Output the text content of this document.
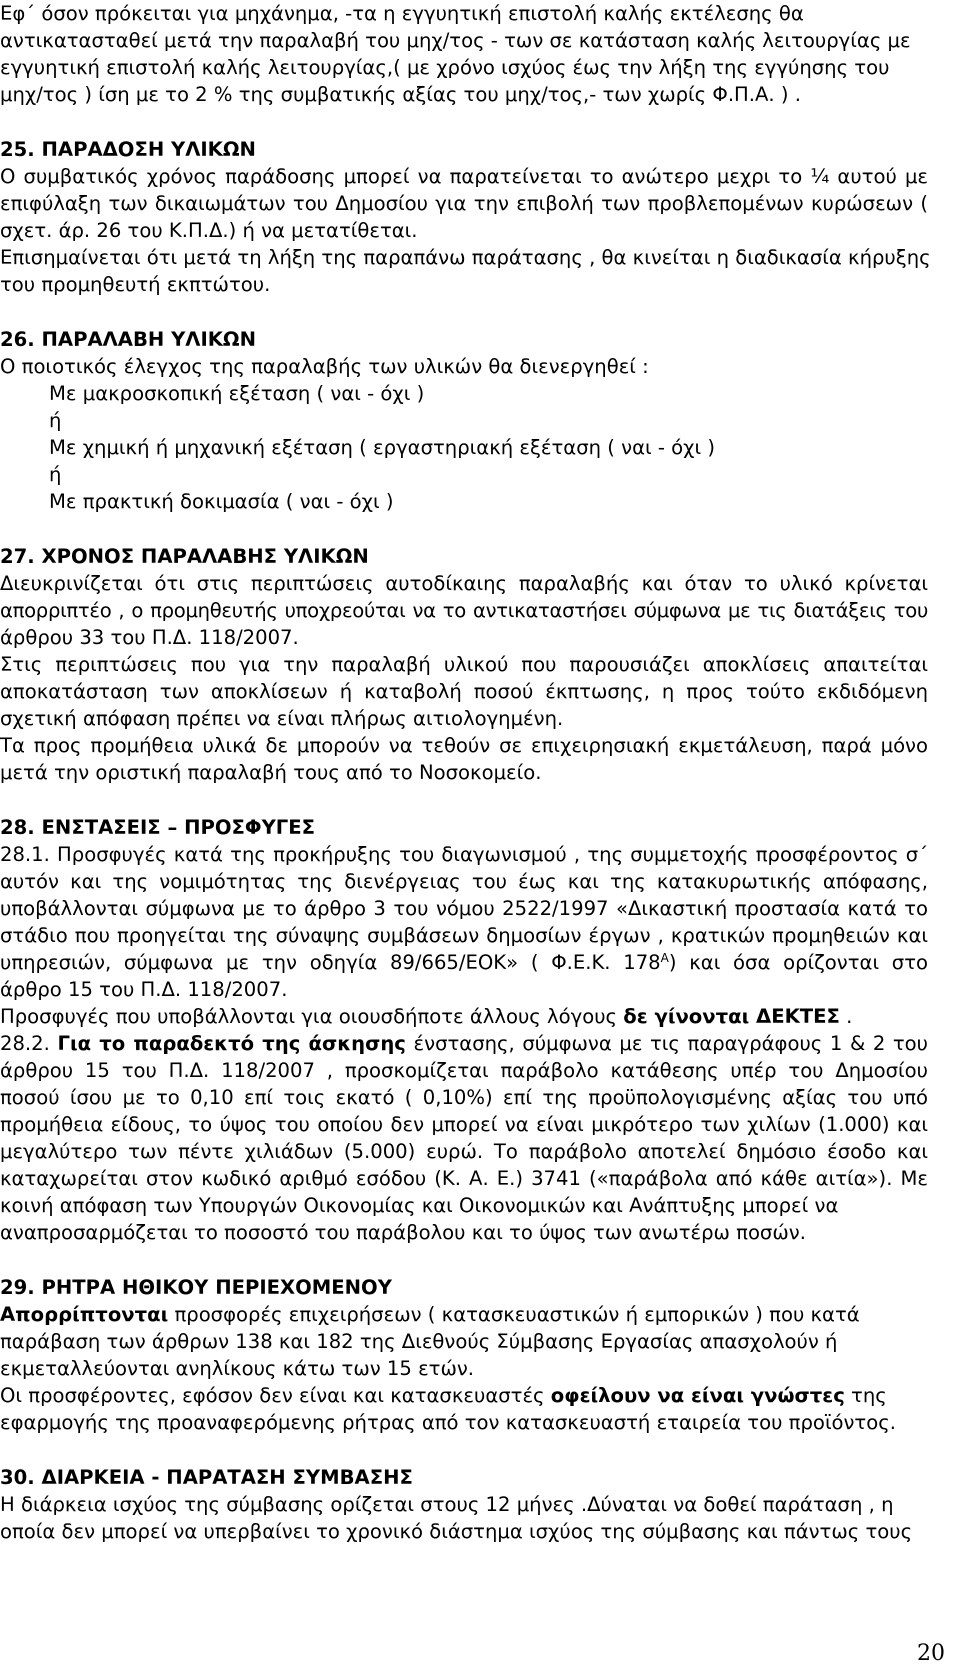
Εφ΄ όσον πρόκειται για μηχάνημα, -τα η εγγυητική επιστολή καλής εκτέλεσης θα
αντικατασταθεί μετά την παραλαβή του μηχ/τος - των σε κατάσταση καλής λειτουργίας με
εγγυητική επιστολή καλής λειτουργίας,( με χρόνο ισχύος έως την λήξη της εγγύησης του
μηχ/τος ) ίση με το 2 % της συμβατικής αξίας του μηχ/τος,- των χωρίς Φ.Π.Α. ) .
25. ΠΑΡΑΔΟΣΗ ΥΛΙΚΩΝ
Ο συμβατικός χρόνος παράδοσης μπορεί να παρατείνεται το ανώτερο μεχρι το ¼ αυτού με
επιφύλαξη των δικαιωμάτων του Δημοσίου για την επιβολή των προβλεπομένων κυρώσεων (
σχετ. άρ. 26 του Κ.Π.Δ.) ή να μετατίθεται.
Επισημαίνεται ότι μετά τη λήξη της παραπάνω παράτασης , θα κινείται η διαδικασία κήρυξης
του προμηθευτή εκπτώτου.
26. ΠΑΡΑΛΑΒΗ ΥΛΙΚΩΝ
Ο ποιοτικός έλεγχος της παραλαβής των υλικών θα διενεργηθεί :
Με μακροσκοπική εξέταση ( ναι - όχι )
ή
Με χημική ή μηχανική εξέταση ( εργαστηριακή εξέταση ( ναι - όχι )
ή
Με πρακτική δοκιμασία ( ναι - όχι )
27. ΧΡΟΝΟΣ ΠΑΡΑΛΑΒΗΣ ΥΛΙΚΩΝ
Διευκρινίζεται ότι στις περιπτώσεις αυτοδίκαιης παραλαβής και όταν το υλικό κρίνεται
απορριπτέο , ο προμηθευτής υποχρεούται να το αντικαταστήσει σύμφωνα με τις διατάξεις του
άρθρου 33 του Π.Δ. 118/2007.
Στις περιπτώσεις που για την παραλαβή υλικού που παρουσιάζει αποκλίσεις απαιτείται
αποκατάσταση των αποκλίσεων ή καταβολή ποσού έκπτωσης, η προς τούτο εκδιδόμενη
σχετική απόφαση πρέπει να είναι πλήρως αιτιολογημένη.
Τα προς προμήθεια υλικά δε μπορούν να τεθούν σε επιχειρησιακή εκμετάλευση, παρά μόνο
μετά την οριστική παραλαβή τους από το Νοσοκομείο.
28. ΕΝΣΤΑΣΕΙΣ – ΠΡΟΣΦΥΓΕΣ
28.1. Προσφυγές κατά της προκήρυξης του διαγωνισμού , της συμμετοχής προσφέροντος σ΄
αυτόν και της νομιμότητας της διενέργειας του έως και της κατακυρωτικής απόφασης,
υποβάλλονται σύμφωνα με το άρθρο 3 του νόμου 2522/1997 «Δικαστική προστασία κατά το
στάδιο που προηγείται της σύναψης συμβάσεων δημοσίων έργων , κρατικών προμηθειών και
υπηρεσιών, σύμφωνα με την οδηγία 89/665/ΕΟΚ» ( Φ.Ε.Κ. $178^A$) και όσα ορίζονται στο
άρθρο 15 του Π.Δ. 118/2007.
Προσφυγές που υποβάλλονται για οιουσδήποτε άλλους λόγους δε γίνονται ΔΕΚΤΕΣ .
28.2. Για το παραδεκτό της άσκησης ένστασης, σύμφωνα με τις παραγράφους 1 & 2 του
άρθρου 15 του Π.Δ. 118/2007 , προσκομίζεται παράβολο κατάθεσης υπέρ του Δημοσίου
ποσού ίσου με το 0,10 επί τοις εκατό ( 0,10%) επί της προϋπολογισμένης αξίας του υπό
προμήθεια είδους, το ύψος του οποίου δεν μπορεί να είναι μικρότερο των χιλίων (1.000) και
μεγαλύτερο των πέντε χιλιάδων (5.000) ευρώ. Το παράβολο αποτελεί δημόσιο έσοδο και
καταχωρείται στον κωδικό αριθμό εσόδου (Κ. Α. Ε.) 3741 («παράβολα από κάθε αιτία»). Με
κοινή απόφαση των Υπουργών Οικονομίας και Οικονομικών και Ανάπτυξης μπορεί να
αναπροσαρμόζεται το ποσοστό του παράβολου και το ύψος των ανωτέρω ποσών.
29. ΡΗΤΡΑ ΗΘΙΚΟΥ ΠΕΡΙΕΧΟΜΕΝΟΥ
Απορρίπτονται προσφορές επιχειρήσεων ( κατασκευαστικών ή εμπορικών ) που κατά
παράβαση των άρθρων 138 και 182 της Διεθνούς Σύμβασης Εργασίας απασχολούν ή
εκμεταλλεύονται ανηλίκους κάτω των 15 ετών.
Οι προσφέροντες, εφόσον δεν είναι και κατασκευαστές οφείλουν να είναι γνώστες της
εφαρμογής της προαναφερόμενης ρήτρας από τον κατασκευαστή εταιρεία του προϊόντος.
30. ΔΙΑΡΚΕΙΑ - ΠΑΡΑΤΑΣΗ ΣΥΜΒΑΣΗΣ
Η διάρκεια ισχύος της σύμβασης ορίζεται στους 12 μήνες .Δύναται να δοθεί παράταση , η
οποία δεν μπορεί να υπερβαίνει το χρονικό διάστημα ισχύος της σύμβασης και πάντως τους
20
